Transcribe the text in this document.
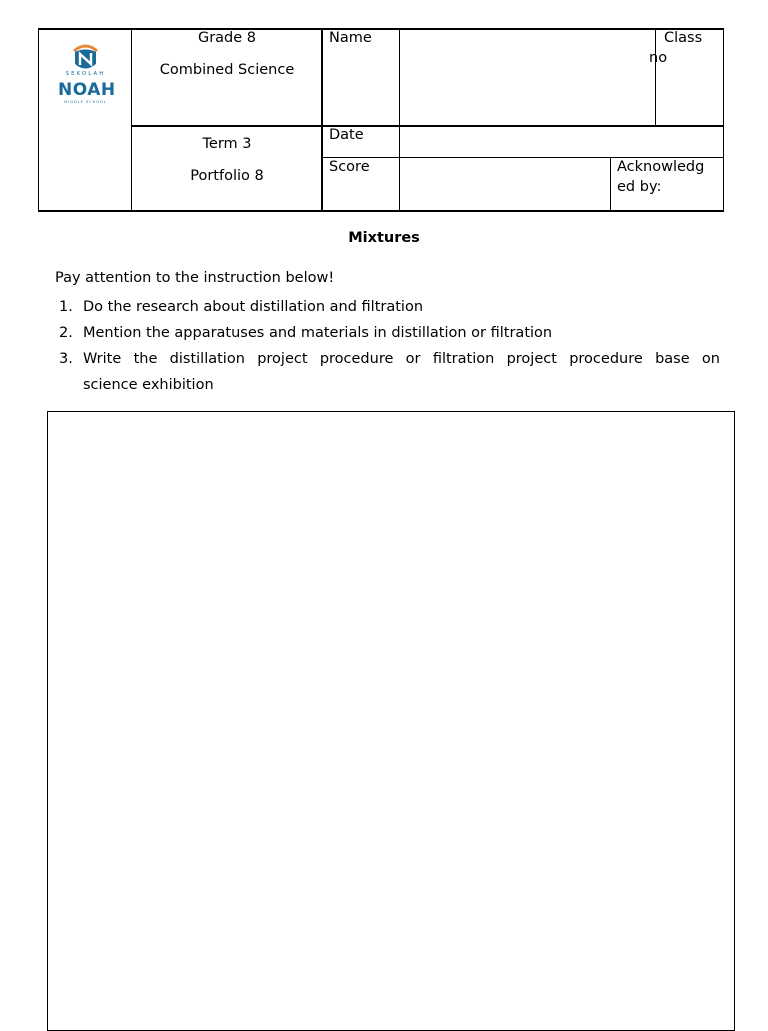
SEKOLAH
NOAH
MIDDLE SCHOOL
Grade 8
Combined Science
Name	Class
no
Term 3
Portfolio 8
Date
Score	Acknowledg
ed by:
Mixtures
Pay attention to the instruction below!
1. Do the research about distillation and filtration
2. Mention the apparatuses and materials in distillation or filtration
3. Write the distillation project procedure or filtration project procedure base on
science exhibition
